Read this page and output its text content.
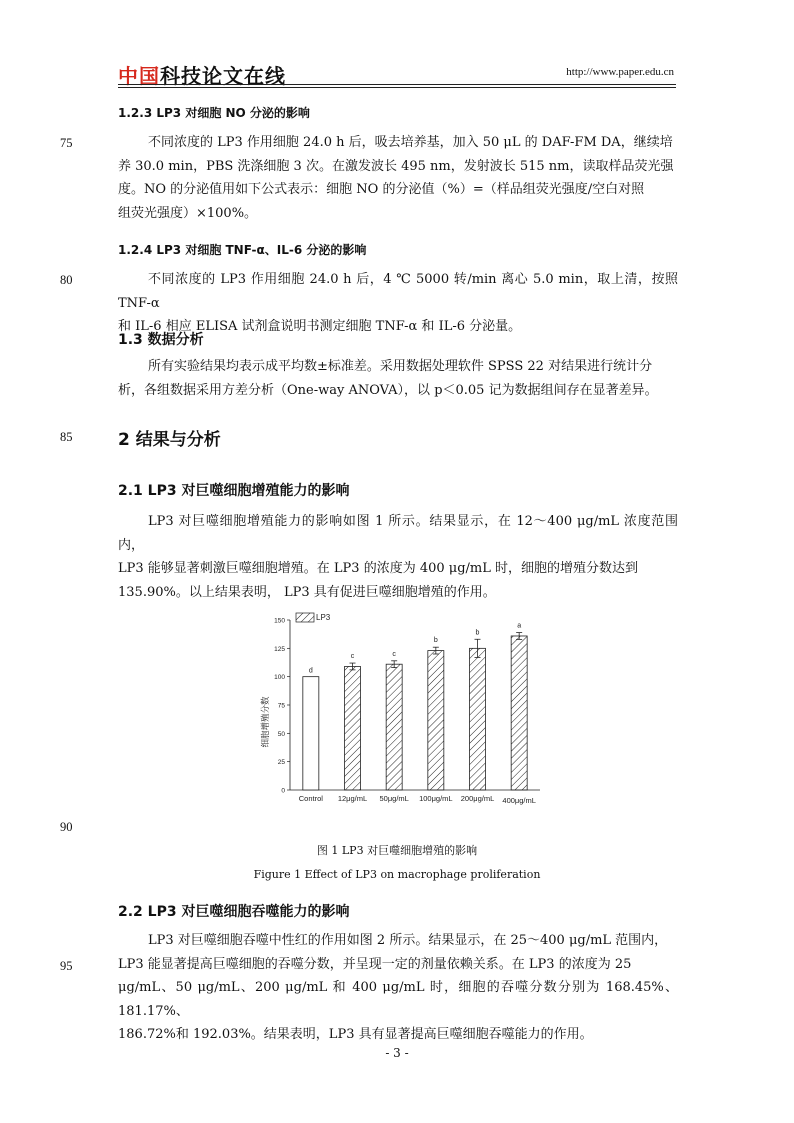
中国科技论文在线	http://www.paper.edu.cn
1.2.3 LP3 对细胞 NO 分泌的影响
75	不同浓度的 LP3 作用细胞 24.0 h 后，吸去培养基，加入 50 μL 的 DAF-FM DA，继续培
养 30.0 min，PBS 洗涤细胞 3 次。在激发波长 495 nm，发射波长 515 nm，读取样品荧光强
度。NO 的分泌值用如下公式表示：细胞 NO 的分泌值（%）=（样品组荧光强度/空白对照
组荧光强度）×100%。
1.2.4 LP3 对细胞 TNF-α、IL-6 分泌的影响
80	不同浓度的 LP3 作用细胞 24.0 h 后，4 ℃ 5000 转/min 离心 5.0 min，取上清，按照 TNF-α
和 IL-6 相应 ELISA 试剂盒说明书测定细胞 TNF-α 和 IL-6 分泌量。
1.3 数据分析
所有实验结果均表示成平均数±标准差。采用数据处理软件 SPSS 22 对结果进行统计分
析，各组数据采用方差分析（One-way ANOVA），以 p＜0.05 记为数据组间存在显著差异。
85	2 结果与分析
2.1 LP3 对巨噬细胞增殖能力的影响
LP3 对巨噬细胞增殖能力的影响如图 1 所示。结果显示，在 12～400 μg/mL 浓度范围内，
LP3 能够显著刺激巨噬细胞增殖。在 LP3 的浓度为 400 μg/mL 时，细胞的增殖分数达到
135.90%。以上结果表明， LP3 具有促进巨噬细胞增殖的作用。
0
25
50
75
100
125
150
d
Control
c
12μg/mL
c
50μg/mL
b
100μg/mL
b
200μg/mL
a
400μg/mL
细胞增殖分数
LP3
90
图 1 LP3 对巨噬细胞增殖的影响
Figure 1 Effect of LP3 on macrophage proliferation
2.2 LP3 对巨噬细胞吞噬能力的影响
95
LP3 对巨噬细胞吞噬中性红的作用如图 2 所示。结果显示，在 25～400 μg/mL 范围内，
LP3 能显著提高巨噬细胞的吞噬分数，并呈现一定的剂量依赖关系。在 LP3 的浓度为 25
μg/mL、50 μg/mL、200 μg/mL 和 400 μg/mL 时，细胞的吞噬分数分别为 168.45%、181.17%、
186.72%和 192.03%。结果表明，LP3 具有显著提高巨噬细胞吞噬能力的作用。
- 3 -
